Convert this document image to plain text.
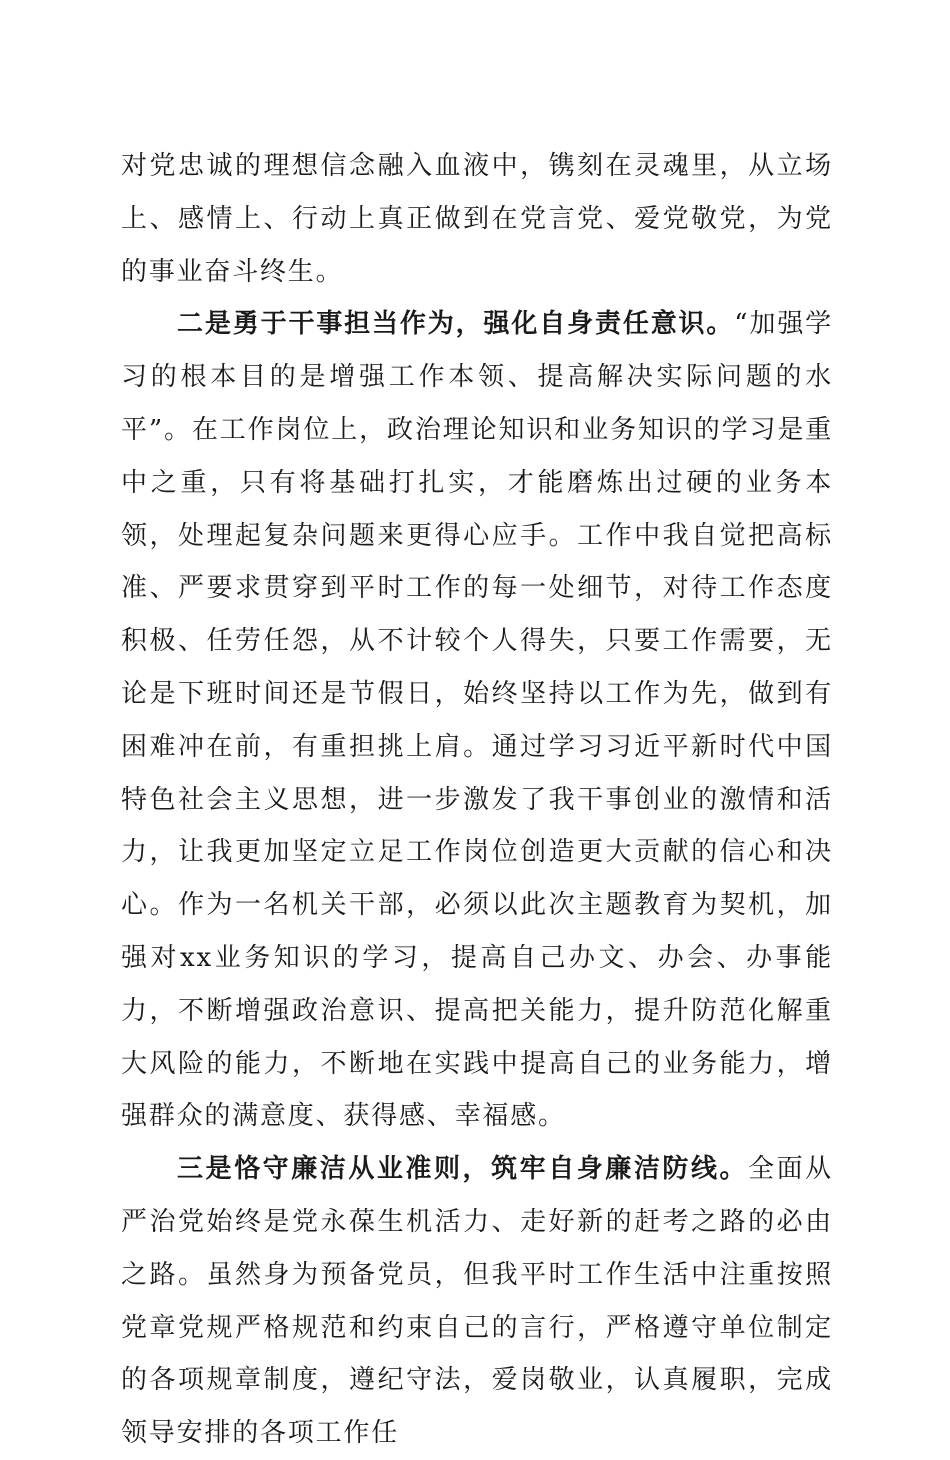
对党忠诚的理想信念融入血液中，镌刻在灵魂里，从立场上、感情上、行动上真正做到在党言党、爱党敬党，为党的事业奋斗终生。

二是勇于干事担当作为，强化自身责任意识。“加强学习的根本目的是增强工作本领、提高解决实际问题的水平”。在工作岗位上，政治理论知识和业务知识的学习是重中之重，只有将基础打扎实，才能磨炼出过硬的业务本领，处理起复杂问题来更得心应手。工作中我自觉把高标准、严要求贯穿到平时工作的每一处细节，对待工作态度积极、任劳任怨，从不计较个人得失，只要工作需要，无论是下班时间还是节假日，始终坚持以工作为先，做到有困难冲在前，有重担挑上肩。通过学习习近平新时代中国特色社会主义思想，进一步激发了我干事创业的激情和活力，让我更加坚定立足工作岗位创造更大贡献的信心和决心。作为一名机关干部，必须以此次主题教育为契机，加强对xx业务知识的学习，提高自己办文、办会、办事能力，不断增强政治意识、提高把关能力，提升防范化解重大风险的能力，不断地在实践中提高自己的业务能力，增强群众的满意度、获得感、幸福感。

三是恪守廉洁从业准则，筑牢自身廉洁防线。全面从严治党始终是党永葆生机活力、走好新的赶考之路的必由之路。虽然身为预备党员，但我平时工作生活中注重按照党章党规严格规范和约束自己的言行，严格遵守单位制定的各项规章制度，遵纪守法，爱岗敬业，认真履职，完成领导安排的各项工作任
